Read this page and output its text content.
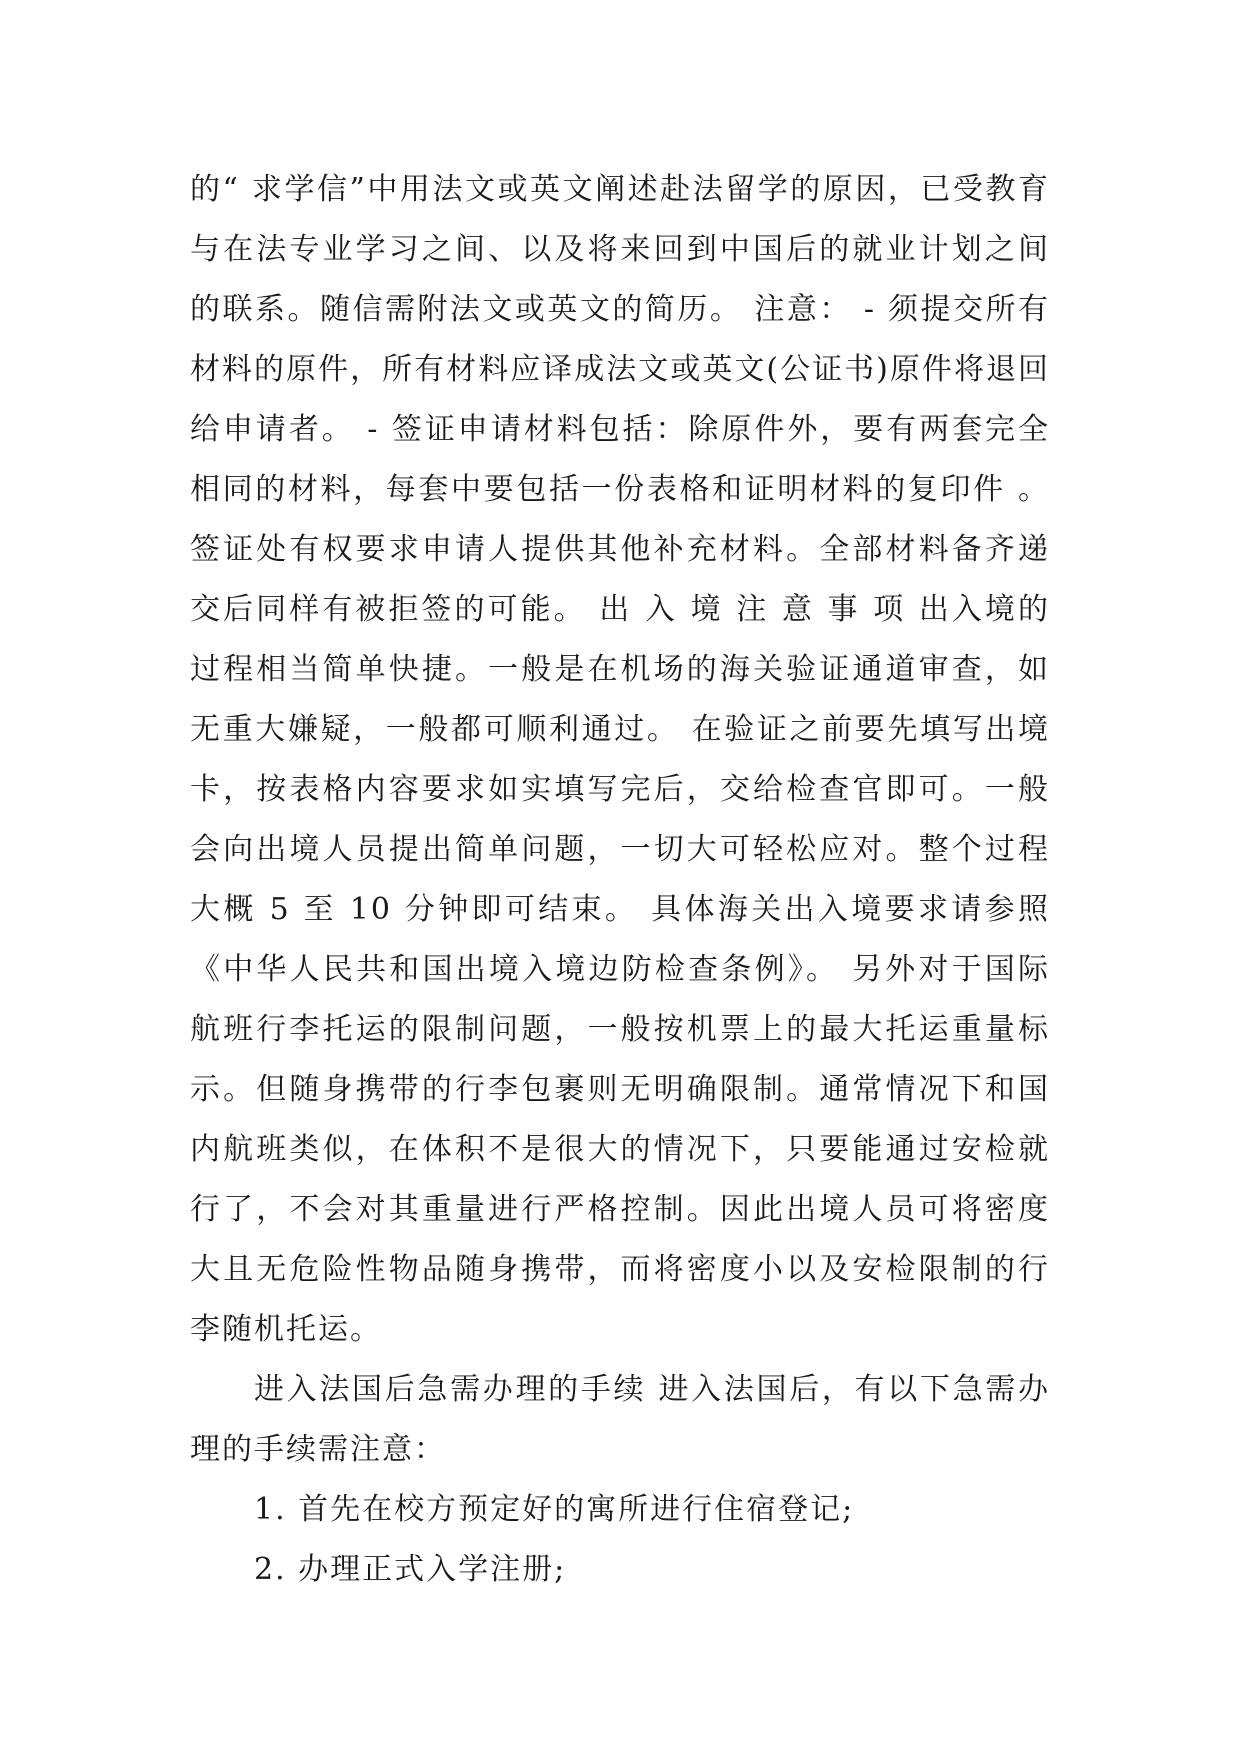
的“ 求学信”中用法文或英文阐述赴法留学的原因，已受教育与在法专业学习之间、以及将来回到中国后的就业计划之间的联系。随信需附法文或英文的简历。 注意： - 须提交所有材料的原件，所有材料应译成法文或英文(公证书)原件将退回给申请者。 - 签证申请材料包括：除原件外，要有两套完全相同的材料，每套中要包括一份表格和证明材料的复印件 。 签证处有权要求申请人提供其他补充材料。全部材料备齐递交后同样有被拒签的可能。 出 入 境 注 意 事 项 出入境的过程相当简单快捷。一般是在机场的海关验证通道审查，如无重大嫌疑，一般都可顺利通过。 在验证之前要先填写出境卡，按表格内容要求如实填写完后，交给检查官即可。一般会向出境人员提出简单问题，一切大可轻松应对。整个过程大概 5 至 10 分钟即可结束。 具体海关出入境要求请参照《中华人民共和国出境入境边防检查条例》。 另外对于国际航班行李托运的限制问题，一般按机票上的最大托运重量标示。但随身携带的行李包裹则无明确限制。通常情况下和国内航班类似，在体积不是很大的情况下，只要能通过安检就行了，不会对其重量进行严格控制。因此出境人员可将密度大且无危险性物品随身携带，而将密度小以及安检限制的行李随机托运。

进入法国后急需办理的手续 进入法国后，有以下急需办理的手续需注意：

1. 首先在校方预定好的寓所进行住宿登记;

2. 办理正式入学注册;
